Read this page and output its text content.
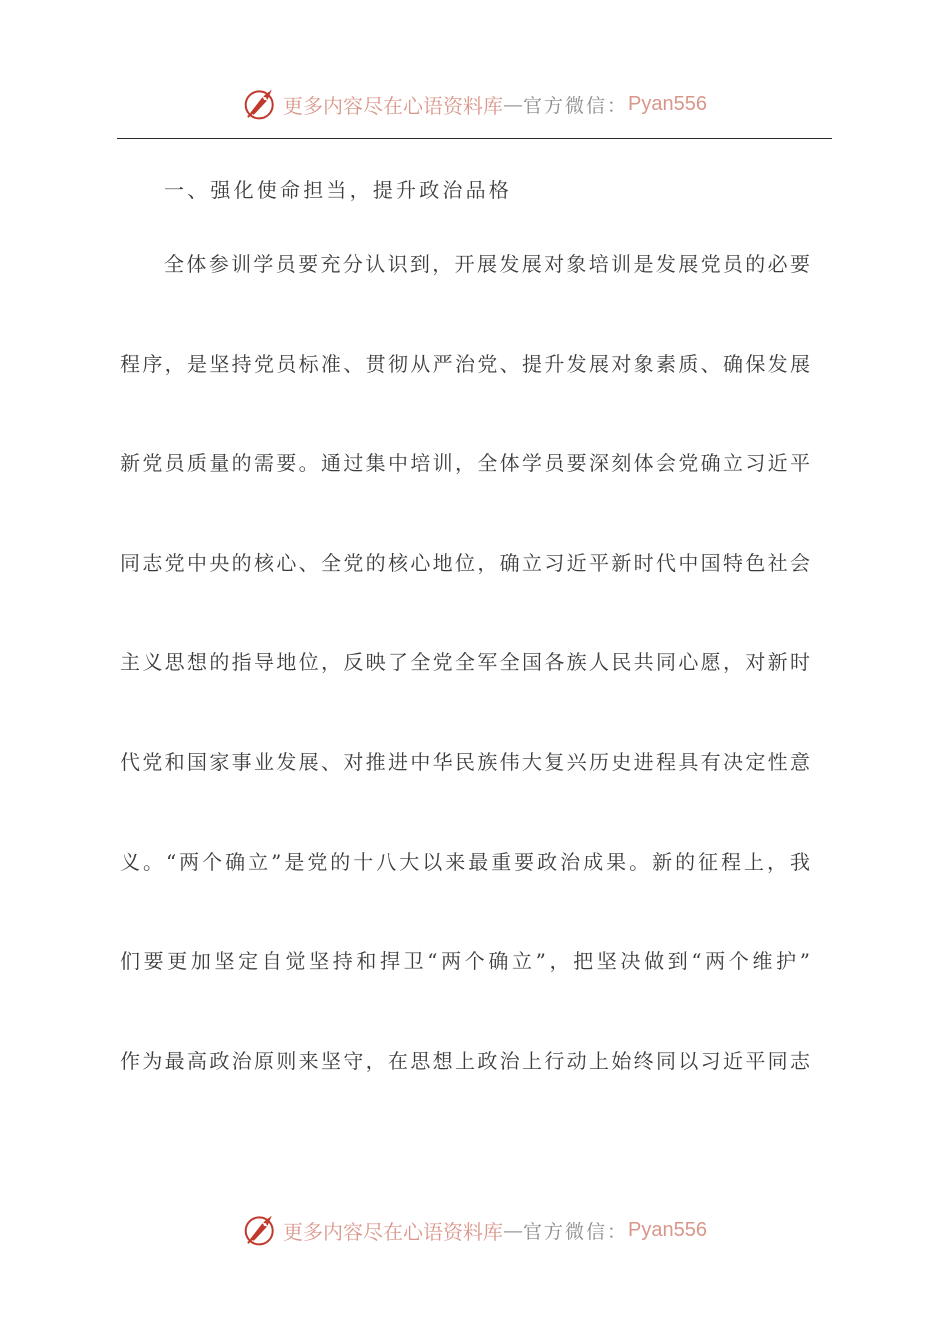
更多内容尽在心语资料库 — 官方微信： Pyan556
一、强化使命担当，提升政治品格
全体参训学员要充分认识到，开展发展对象培训是发展党员的必要
程序，是坚持党员标准、贯彻从严治党、提升发展对象素质、确保发展
新党员质量的需要。通过集中培训，全体学员要深刻体会党确立习近平
同志党中央的核心、全党的核心地位，确立习近平新时代中国特色社会
主义思想的指导地位，反映了全党全军全国各族人民共同心愿，对新时
代党和国家事业发展、对推进中华民族伟大复兴历史进程具有决定性意
义。“两个确立”是党的十八大以来最重要政治成果。新的征程上，我
们要更加坚定自觉坚持和捍卫“两个确立”，把坚决做到“两个维护”
作为最高政治原则来坚守，在思想上政治上行动上始终同以习近平同志
更多内容尽在心语资料库 — 官方微信： Pyan556
